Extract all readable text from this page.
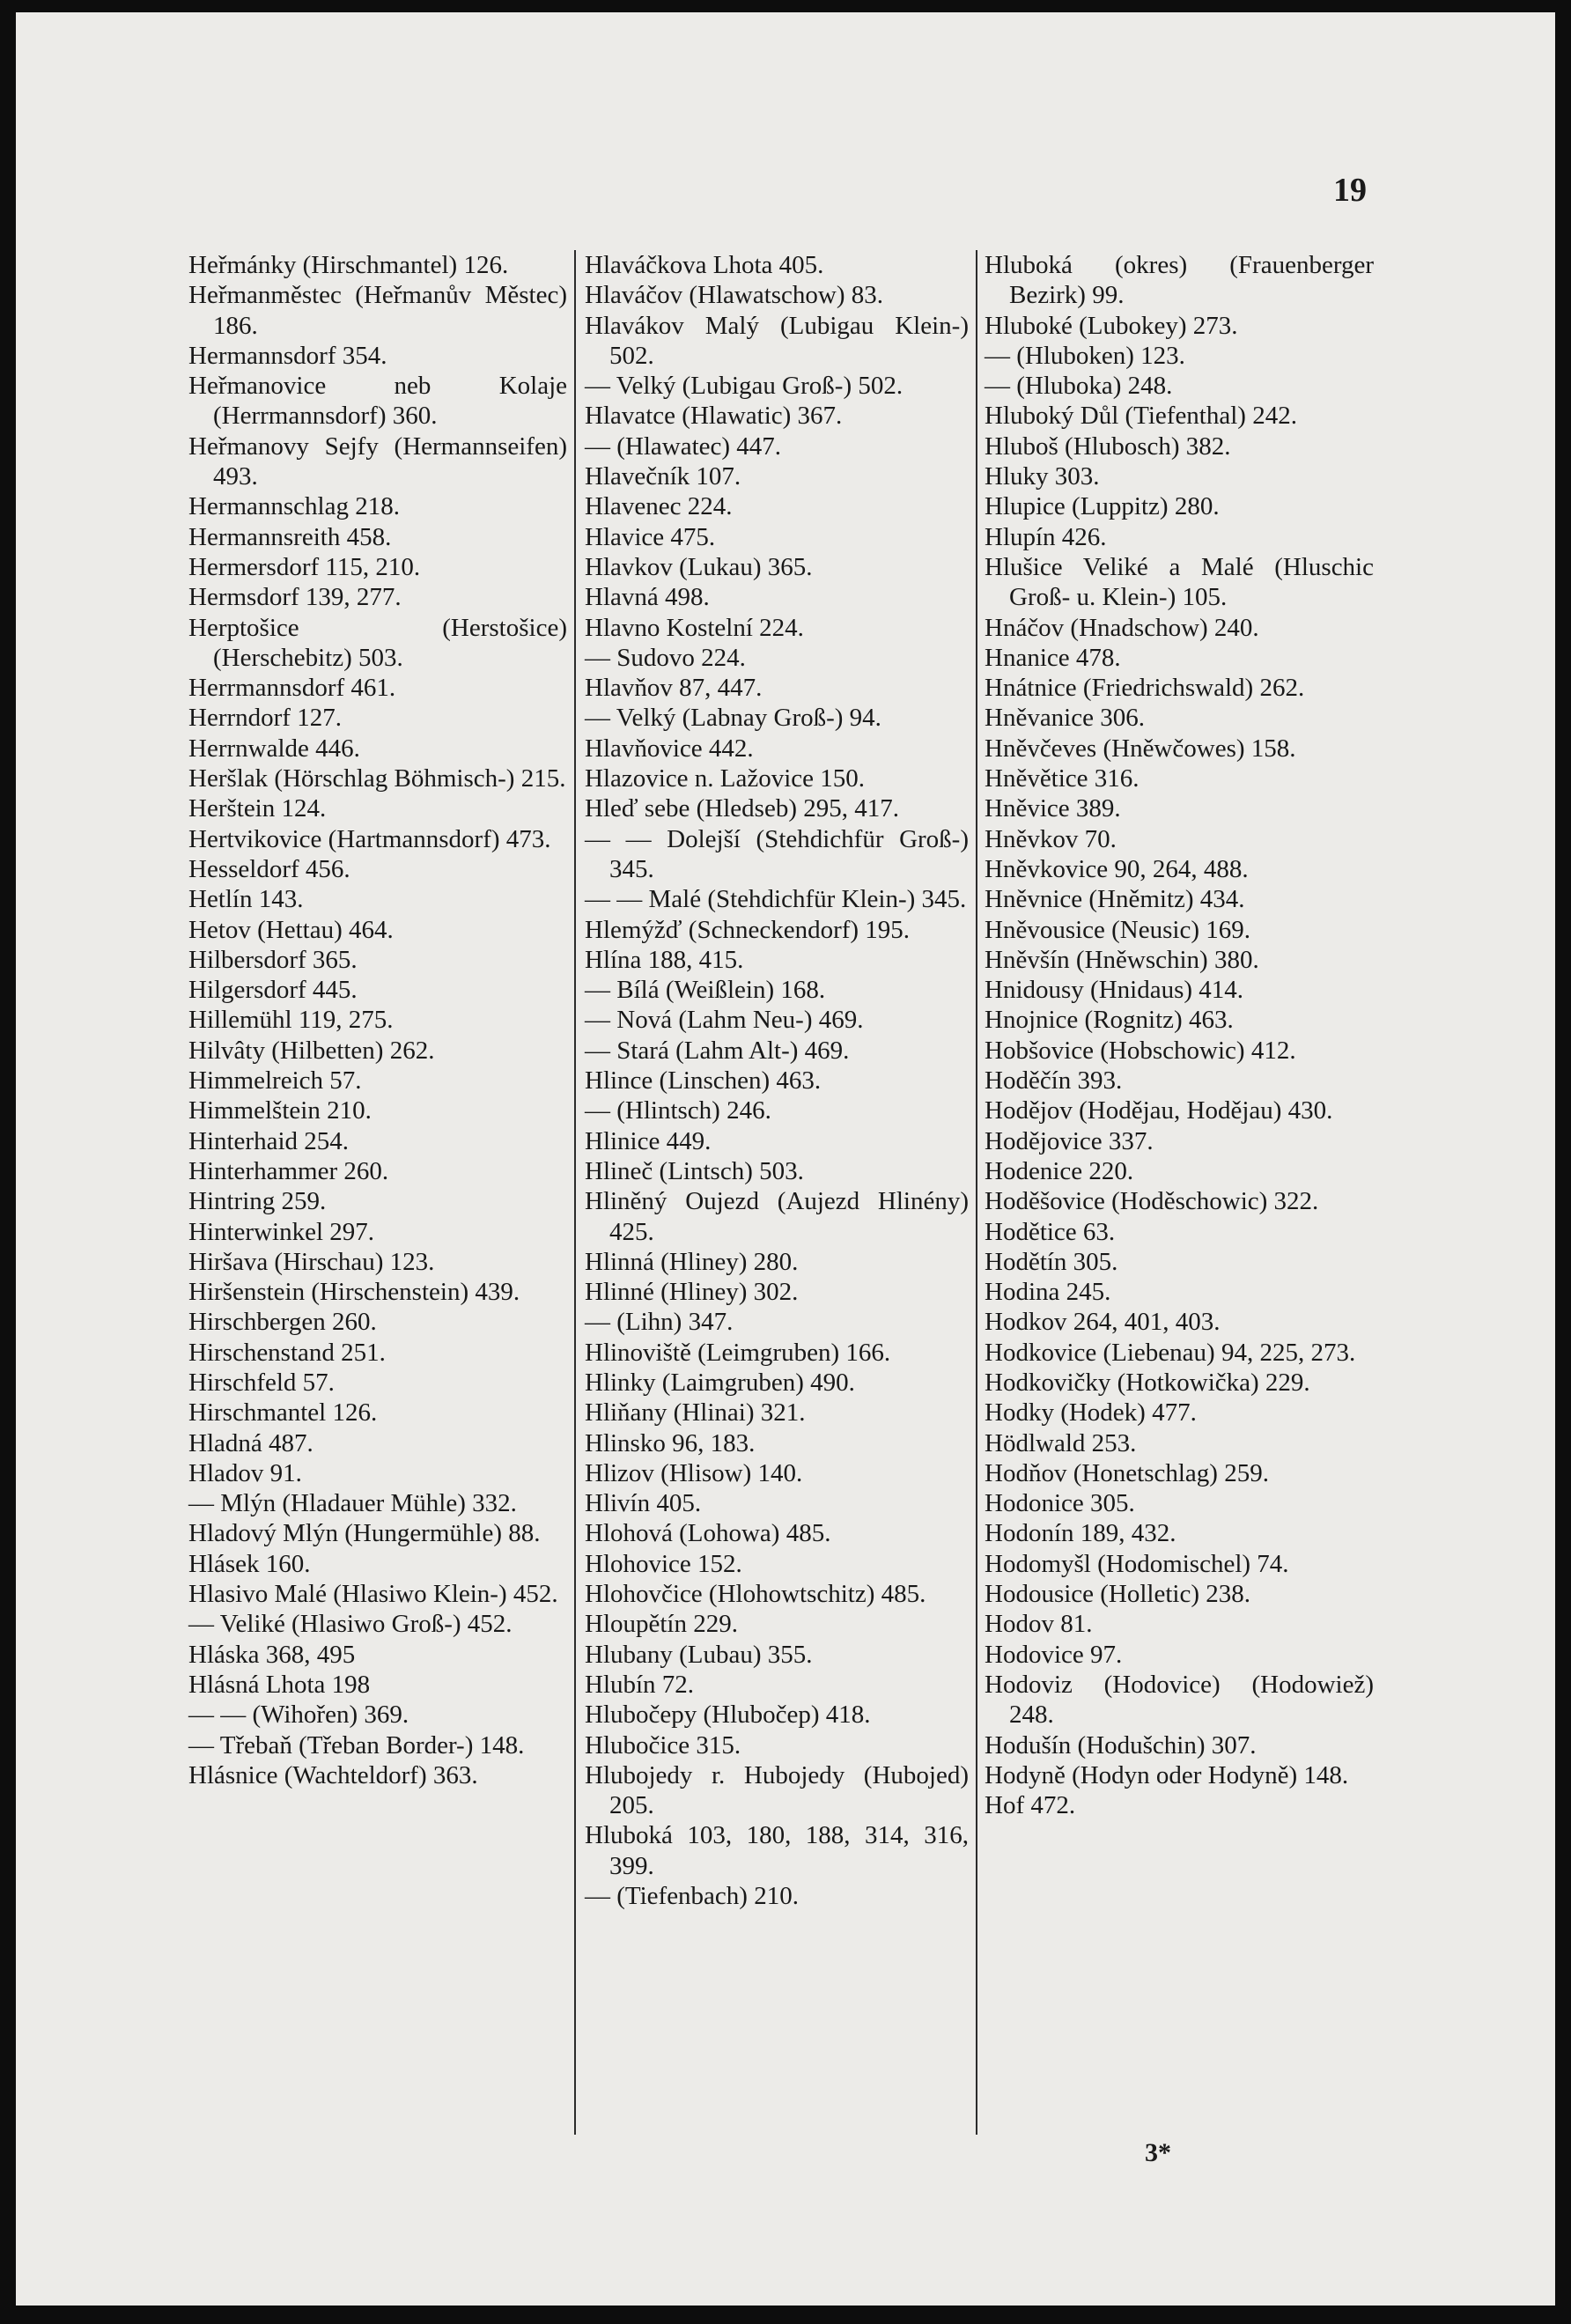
19
Heřmánky (Hirschmantel) 126.
Heřmanměstec (Heřmanův Městec) 186.
Hermannsdorf 354.
Heřmanovice neb Kolaje (Herrmannsdorf) 360.
Heřmanovy Sejfy (Hermannseifen) 493.
Hermannschlag 218.
Hermannsreith 458.
Hermersdorf 115, 210.
Hermsdorf 139, 277.
Herptošice (Herstošice) (Herschebitz) 503.
Herrmannsdorf 461.
Herrndorf 127.
Herrnwalde 446.
Heršlak (Hörschlag Böhmisch-) 215.
Herštein 124.
Hertvikovice (Hartmannsdorf) 473.
Hesseldorf 456.
Hetlín 143.
Hetov (Hettau) 464.
Hilbersdorf 365.
Hilgersdorf 445.
Hillemühl 119, 275.
Hilvâty (Hilbetten) 262.
Himmelreich 57.
Himmelštein 210.
Hinterhaid 254.
Hinterhammer 260.
Hintring 259.
Hinterwinkel 297.
Hiršava (Hirschau) 123.
Hiršenstein (Hirschenstein) 439.
Hirschbergen 260.
Hirschenstand 251.
Hirschfeld 57.
Hirschmantel 126.
Hladná 487.
Hladov 91.
— Mlýn (Hladauer Mühle) 332.
Hladový Mlýn (Hungermühle) 88.
Hlásek 160.
Hlasivo Malé (Hlasiwo Klein-) 452.
— Veliké (Hlasiwo Groß-) 452.
Hláska 368, 495
Hlásná Lhota 198
— — (Wihořen) 369.
— Třebaň (Třeban Border-) 148.
Hlásnice (Wachteldorf) 363.
Hlaváčkova Lhota 405.
Hlaváčov (Hlawatschow) 83.
Hlavákov Malý (Lubigau Klein-) 502.
— Velký (Lubigau Groß-) 502.
Hlavatce (Hlawatic) 367.
— (Hlawatec) 447.
Hlavečník 107.
Hlavenec 224.
Hlavice 475.
Hlavkov (Lukau) 365.
Hlavná 498.
Hlavno Kostelní 224.
— Sudovo 224.
Hlavňov 87, 447.
— Velký (Labnay Groß-) 94.
Hlavňovice 442.
Hlazovice n. Lažovice 150.
Hleď sebe (Hledseb) 295, 417.
— — Dolejší (Stehdichfür Groß-) 345.
— — Malé (Stehdichfür Klein-) 345.
Hlemýžď (Schneckendorf) 195.
Hlína 188, 415.
— Bílá (Weißlein) 168.
— Nová (Lahm Neu-) 469.
— Stará (Lahm Alt-) 469.
Hlince (Linschen) 463.
— (Hlintsch) 246.
Hlinice 449.
Hlineč (Lintsch) 503.
Hliněný Oujezd (Aujezd Hlinény) 425.
Hlinná (Hliney) 280.
Hlinné (Hliney) 302.
— (Lihn) 347.
Hlinoviště (Leimgruben) 166.
Hlinky (Laimgruben) 490.
Hliňany (Hlinai) 321.
Hlinsko 96, 183.
Hlizov (Hlisow) 140.
Hlivín 405.
Hlohová (Lohowa) 485.
Hlohovice 152.
Hlohovčice (Hlohowtschitz) 485.
Hloupětín 229.
Hlubany (Lubau) 355.
Hlubín 72.
Hlubočepy (Hlubočep) 418.
Hlubočice 315.
Hlubojedy r. Hubojedy (Hubojed) 205.
Hluboká 103, 180, 188, 314, 316, 399.
— (Tiefenbach) 210.
Hluboká (okres) (Frauenberger Bezirk) 99.
Hluboké (Lubokey) 273.
— (Hluboken) 123.
— (Hluboka) 248.
Hluboký Důl (Tiefenthal) 242.
Hluboš (Hlubosch) 382.
Hluky 303.
Hlupice (Luppitz) 280.
Hlupín 426.
Hlušice Veliké a Malé (Hluschic Groß- u. Klein-) 105.
Hnáčov (Hnadschow) 240.
Hnanice 478.
Hnátnice (Friedrichswald) 262.
Hněvanice 306.
Hněvčeves (Hněwčowes) 158.
Hněvětice 316.
Hněvice 389.
Hněvkov 70.
Hněvkovice 90, 264, 488.
Hněvnice (Hněmitz) 434.
Hněvousice (Neusic) 169.
Hněvšín (Hněwschin) 380.
Hnidousy (Hnidaus) 414.
Hnojnice (Rognitz) 463.
Hobšovice (Hobschowic) 412.
Hoděčín 393.
Hodějov (Hodějau, Hodějau) 430.
Hodějovice 337.
Hodenice 220.
Hoděšovice (Hoděschowic) 322.
Hodětice 63.
Hodětín 305.
Hodina 245.
Hodkov 264, 401, 403.
Hodkovice (Liebenau) 94, 225, 273.
Hodkovičky (Hotkowička) 229.
Hodky (Hodek) 477.
Hödlwald 253.
Hodňov (Honetschlag) 259.
Hodonice 305.
Hodonín 189, 432.
Hodomyšl (Hodomischel) 74.
Hodousice (Holletic) 238.
Hodov 81.
Hodovice 97.
Hodoviz (Hodovice) (Hodowiež) 248.
Hodušín (Hodušchin) 307.
Hodyně (Hodyn oder Hodyně) 148.
Hof 472.
3*
